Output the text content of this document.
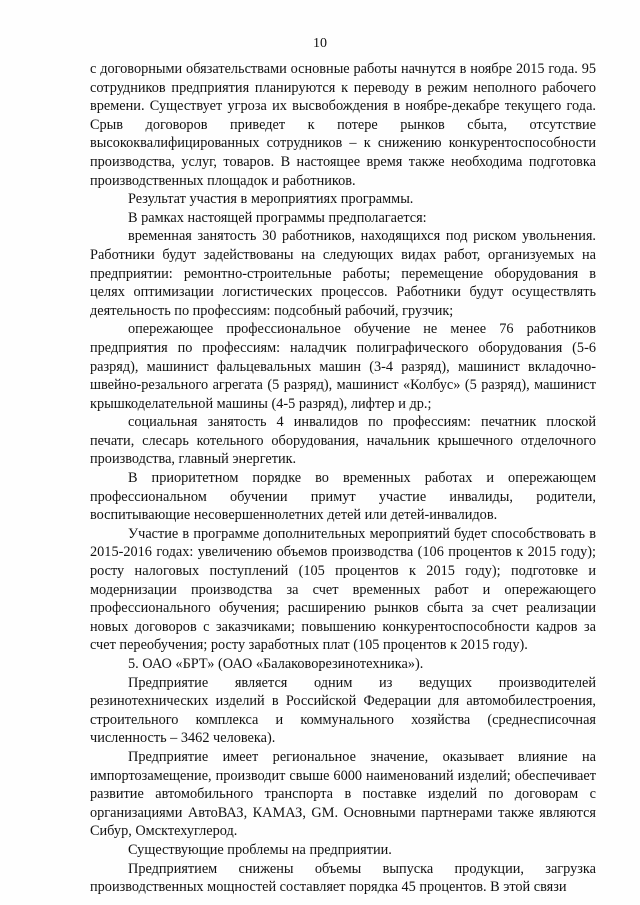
10

с договорными обязательствами основные работы начнутся в ноябре 2015 года. 95 сотрудников предприятия планируются к переводу в режим неполного рабочего времени. Существует угроза их высвобождения в ноябре-декабре текущего года. Срыв договоров приведет к потере рынков сбыта, отсутствие высококвалифицированных сотрудников – к снижению конкурентоспособности производства, услуг, товаров. В настоящее время также необходима подготовка производственных площадок и работников.

Результат участия в мероприятиях программы.

В рамках настоящей программы предполагается:

временная занятость 30 работников, находящихся под риском увольнения. Работники будут задействованы на следующих видах работ, организуемых на предприятии: ремонтно-строительные работы; перемещение оборудования в целях оптимизации логистических процессов. Работники будут осуществлять деятельность по профессиям: подсобный рабочий, грузчик;

опережающее профессиональное обучение не менее 76 работников предприятия по профессиям: наладчик полиграфического оборудования (5-6 разряд), машинист фальцевальных машин (3-4 разряд), машинист вкладочно-швейно-резального агрегата (5 разряд), машинист «Колбус» (5 разряд), машинист крышкоделательной машины (4-5 разряд), лифтер и др.;

социальная занятость 4 инвалидов по профессиям: печатник плоской печати, слесарь котельного оборудования, начальник крышечного отделочного производства, главный энергетик.

В приоритетном порядке во временных работах и опережающем профессиональном обучении примут участие инвалиды, родители, воспитывающие несовершеннолетних детей или детей-инвалидов.

Участие в программе дополнительных мероприятий будет способствовать в 2015-2016 годах: увеличению объемов производства (106 процентов к 2015 году); росту налоговых поступлений (105 процентов к 2015 году); подготовке и модернизации производства за счет временных работ и опережающего профессионального обучения; расширению рынков сбыта за счет реализации новых договоров с заказчиками; повышению конкурентоспособности кадров за счет переобучения; росту заработных плат (105 процентов к 2015 году).

5. ОАО «БРТ» (ОАО «Балаковорезинотехника»).

Предприятие является одним из ведущих производителей резинотехнических изделий в Российской Федерации для автомобилестроения, строительного комплекса и коммунального хозяйства (среднесписочная численность – 3462 человека).

Предприятие имеет региональное значение, оказывает влияние на импортозамещение, производит свыше 6000 наименований изделий; обеспечивает развитие автомобильного транспорта в поставке изделий по договорам с организациями АвтоВАЗ, КАМАЗ, GM. Основными партнерами также являются Сибур, Омсктехуглерод.

Существующие проблемы на предприятии.

Предприятием снижены объемы выпуска продукции, загрузка производственных мощностей составляет порядка 45 процентов. В этой связи
